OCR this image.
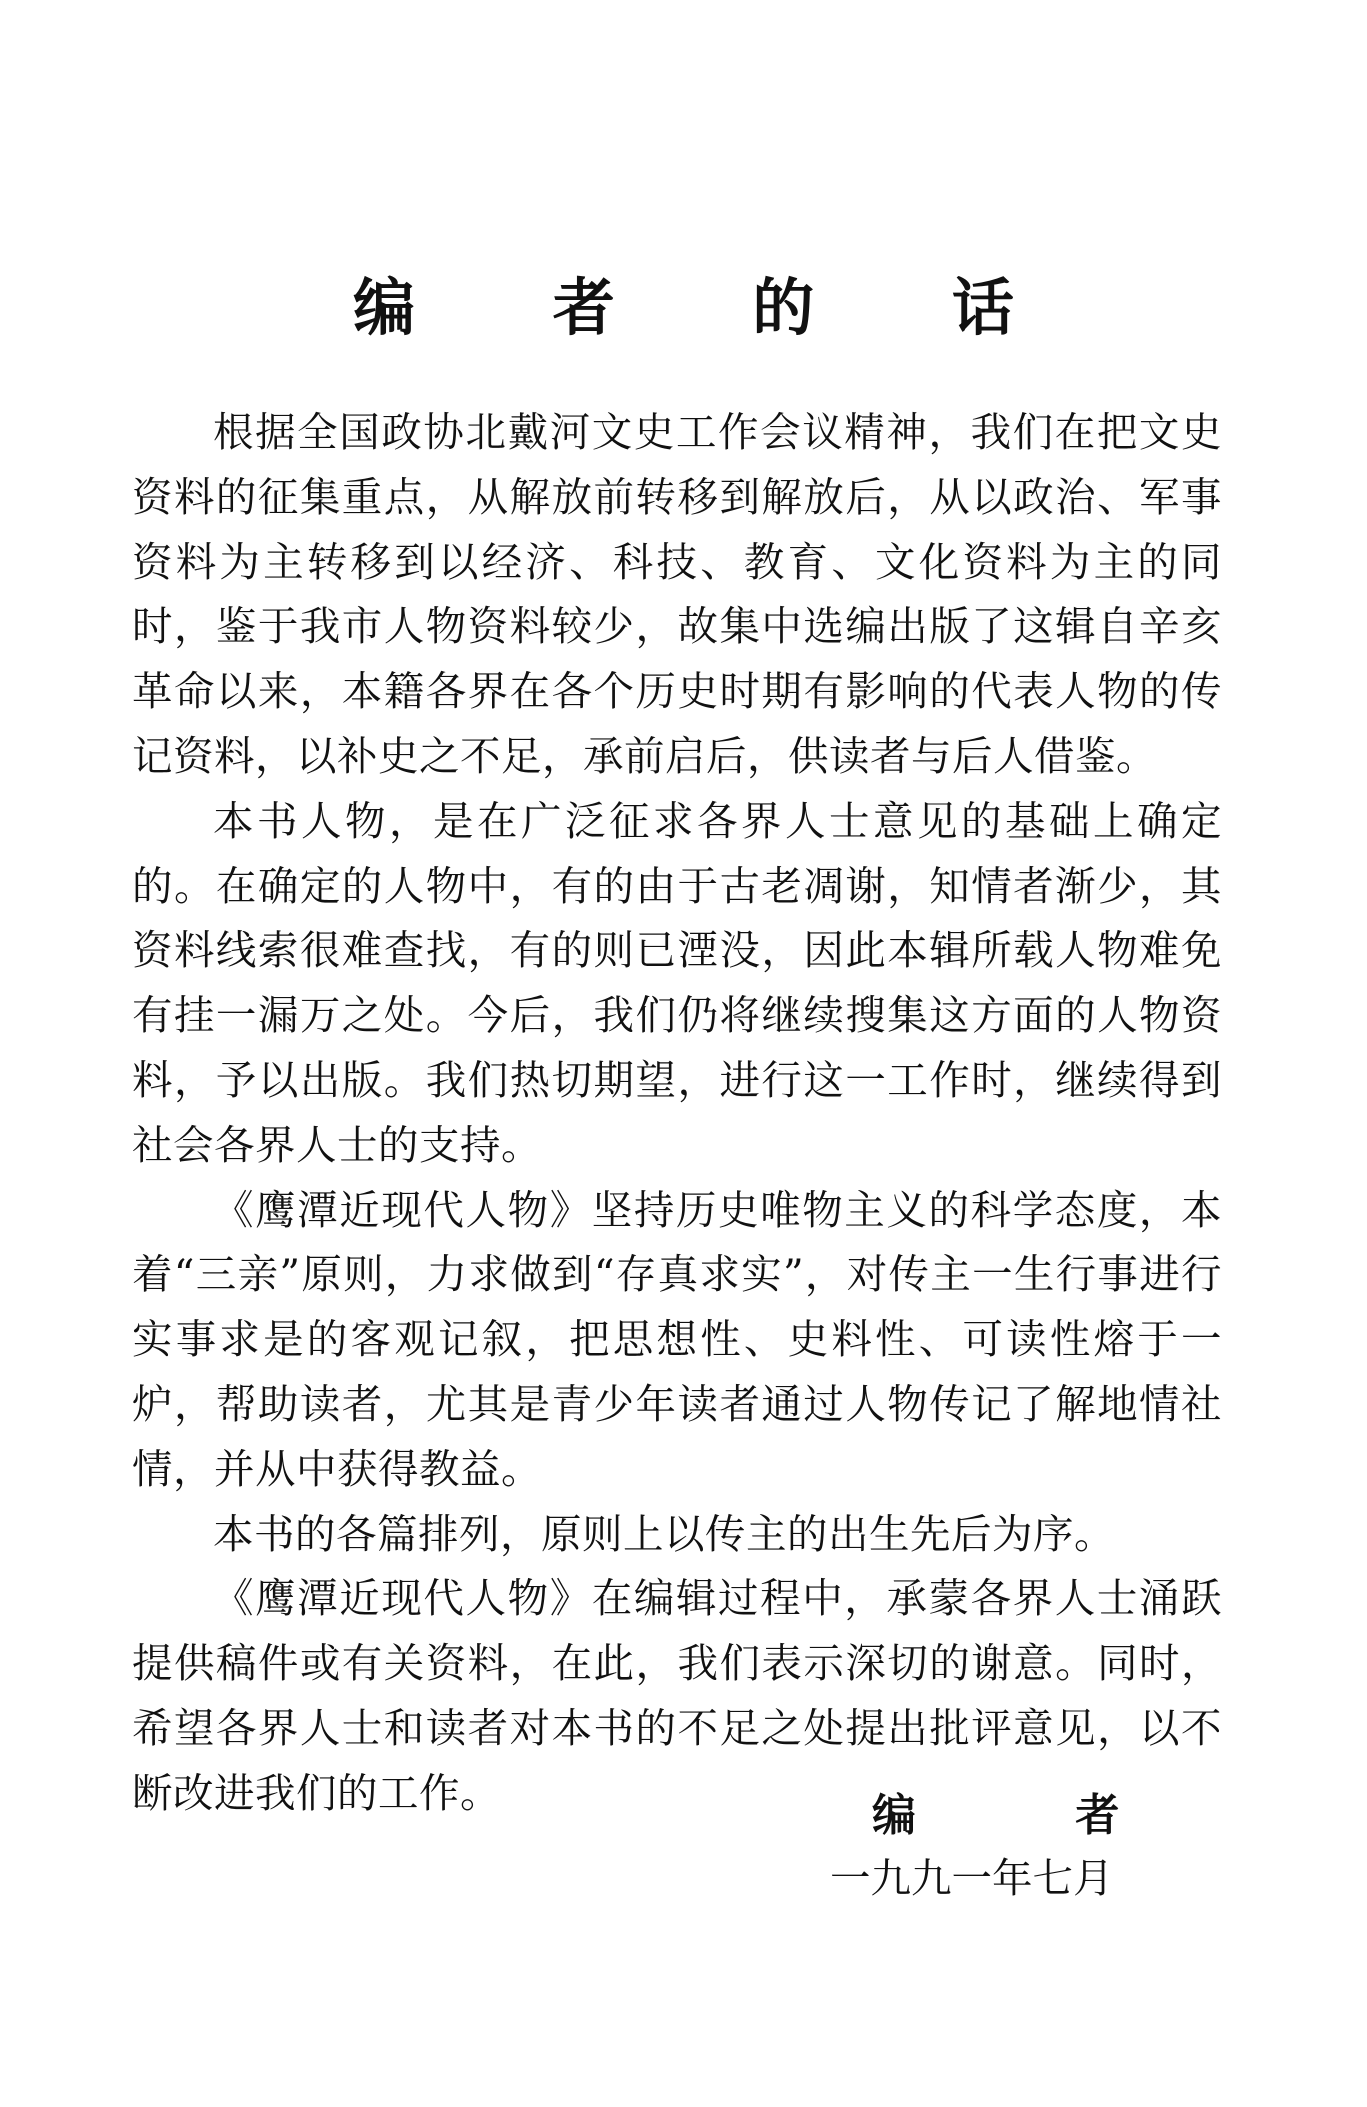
编 者 的 话

根据全国政协北戴河文史工作会议精神，我们在把文史资料的征集重点，从解放前转移到解放后，从以政治、军事资料为主转移到以经济、科技、教育、文化资料为主的同时，鉴于我市人物资料较少，故集中选编出版了这辑自辛亥革命以来，本籍各界在各个历史时期有影响的代表人物的传记资料，以补史之不足，承前启后，供读者与后人借鉴。

本书人物，是在广泛征求各界人士意见的基础上确定的。在确定的人物中，有的由于古老凋谢，知情者渐少，其资料线索很难查找，有的则已湮没，因此本辑所载人物难免有挂一漏万之处。今后，我们仍将继续搜集这方面的人物资料，予以出版。我们热切期望，进行这一工作时，继续得到社会各界人士的支持。

《鹰潭近现代人物》坚持历史唯物主义的科学态度，本着“三亲”原则，力求做到“存真求实”，对传主一生行事进行实事求是的客观记叙，把思想性、史料性、可读性熔于一炉，帮助读者，尤其是青少年读者通过人物传记了解地情社情，并从中获得教益。

本书的各篇排列，原则上以传主的出生先后为序。

《鹰潭近现代人物》在编辑过程中，承蒙各界人士涌跃提供稿件或有关资料，在此，我们表示深切的谢意。同时，希望各界人士和读者对本书的不足之处提出批评意见，以不断改进我们的工作。	编 者
一九九一年七月
